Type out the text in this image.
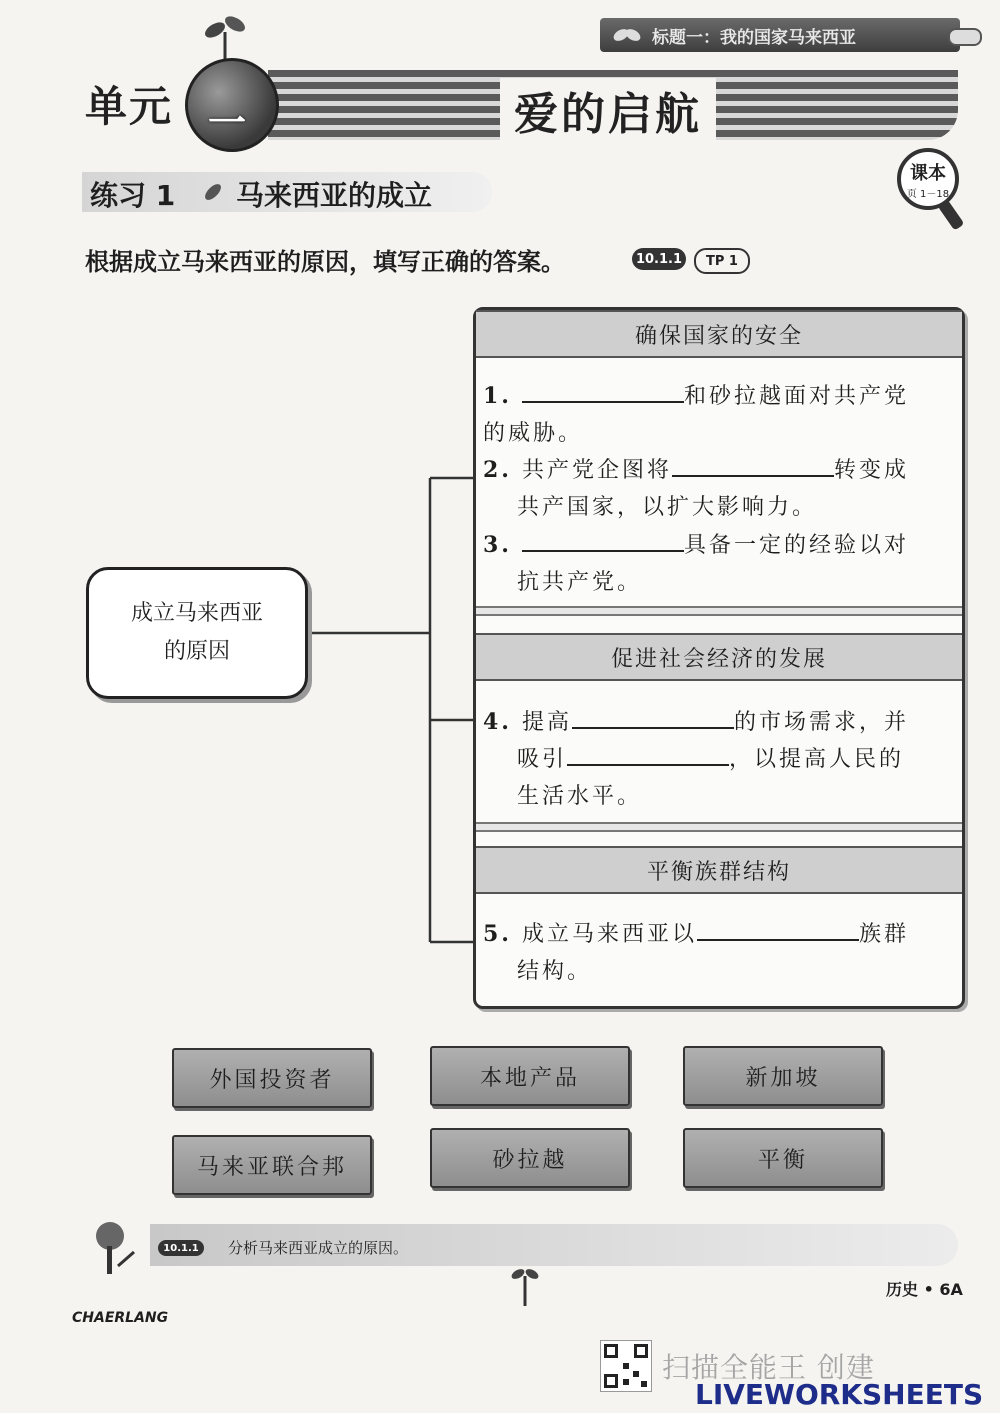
标题一：我的国家马来西亚
单元 一	爱的启航
练习 1 马来西亚的成立
课本
页 1－18
根据成立马来西亚的原因，填写正确的答案。	10.1.1	TP 1
成立马来西亚
的原因
确保国家的安全
1.	和砂拉越面对共产党
的威胁。
2. 共产党企图将	转变成
共产国家，以扩大影响力。
3.	具备一定的经验以对
抗共产党。
促进社会经济的发展
4. 提高	的市场需求，并
吸引	，以提高人民的
生活水平。
平衡族群结构
5. 成立马来西亚以	族群
结构。
外国投资者	本地产品	新加坡
马来亚联合邦	砂拉越	平衡
10.1.1	分析马来西亚成立的原因。
历史 • 6A
CHAERLANG
扫描全能王 创建
LIVEWORKSHEETS
